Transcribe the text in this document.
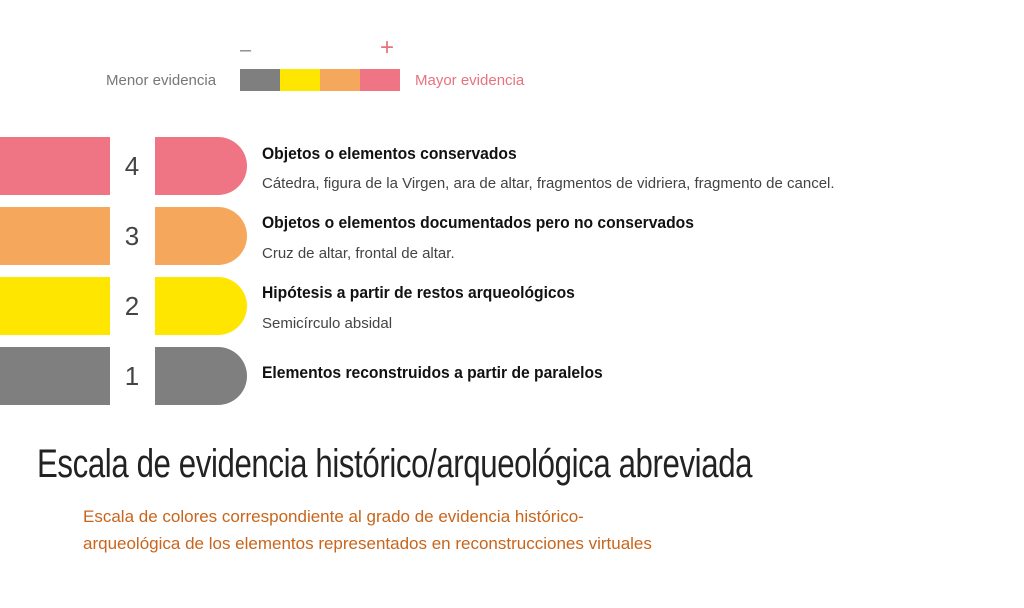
–	+
Menor evidencia	Mayor evidencia
4	Objetos o elementos conservados
Cátedra, figura de la Virgen, ara de altar, fragmentos de vidriera, fragmento de cancel.
3	Objetos o elementos documentados pero no conservados
Cruz de altar, frontal de altar.
2	Hipótesis a partir de restos arqueológicos
Semicírculo absidal
1	Elementos reconstruidos a partir de paralelos
Escala de evidencia histórico/arqueológica abreviada
Escala de colores correspondiente al grado de evidencia histórico-
arqueológica de los elementos representados en reconstrucciones virtuales
